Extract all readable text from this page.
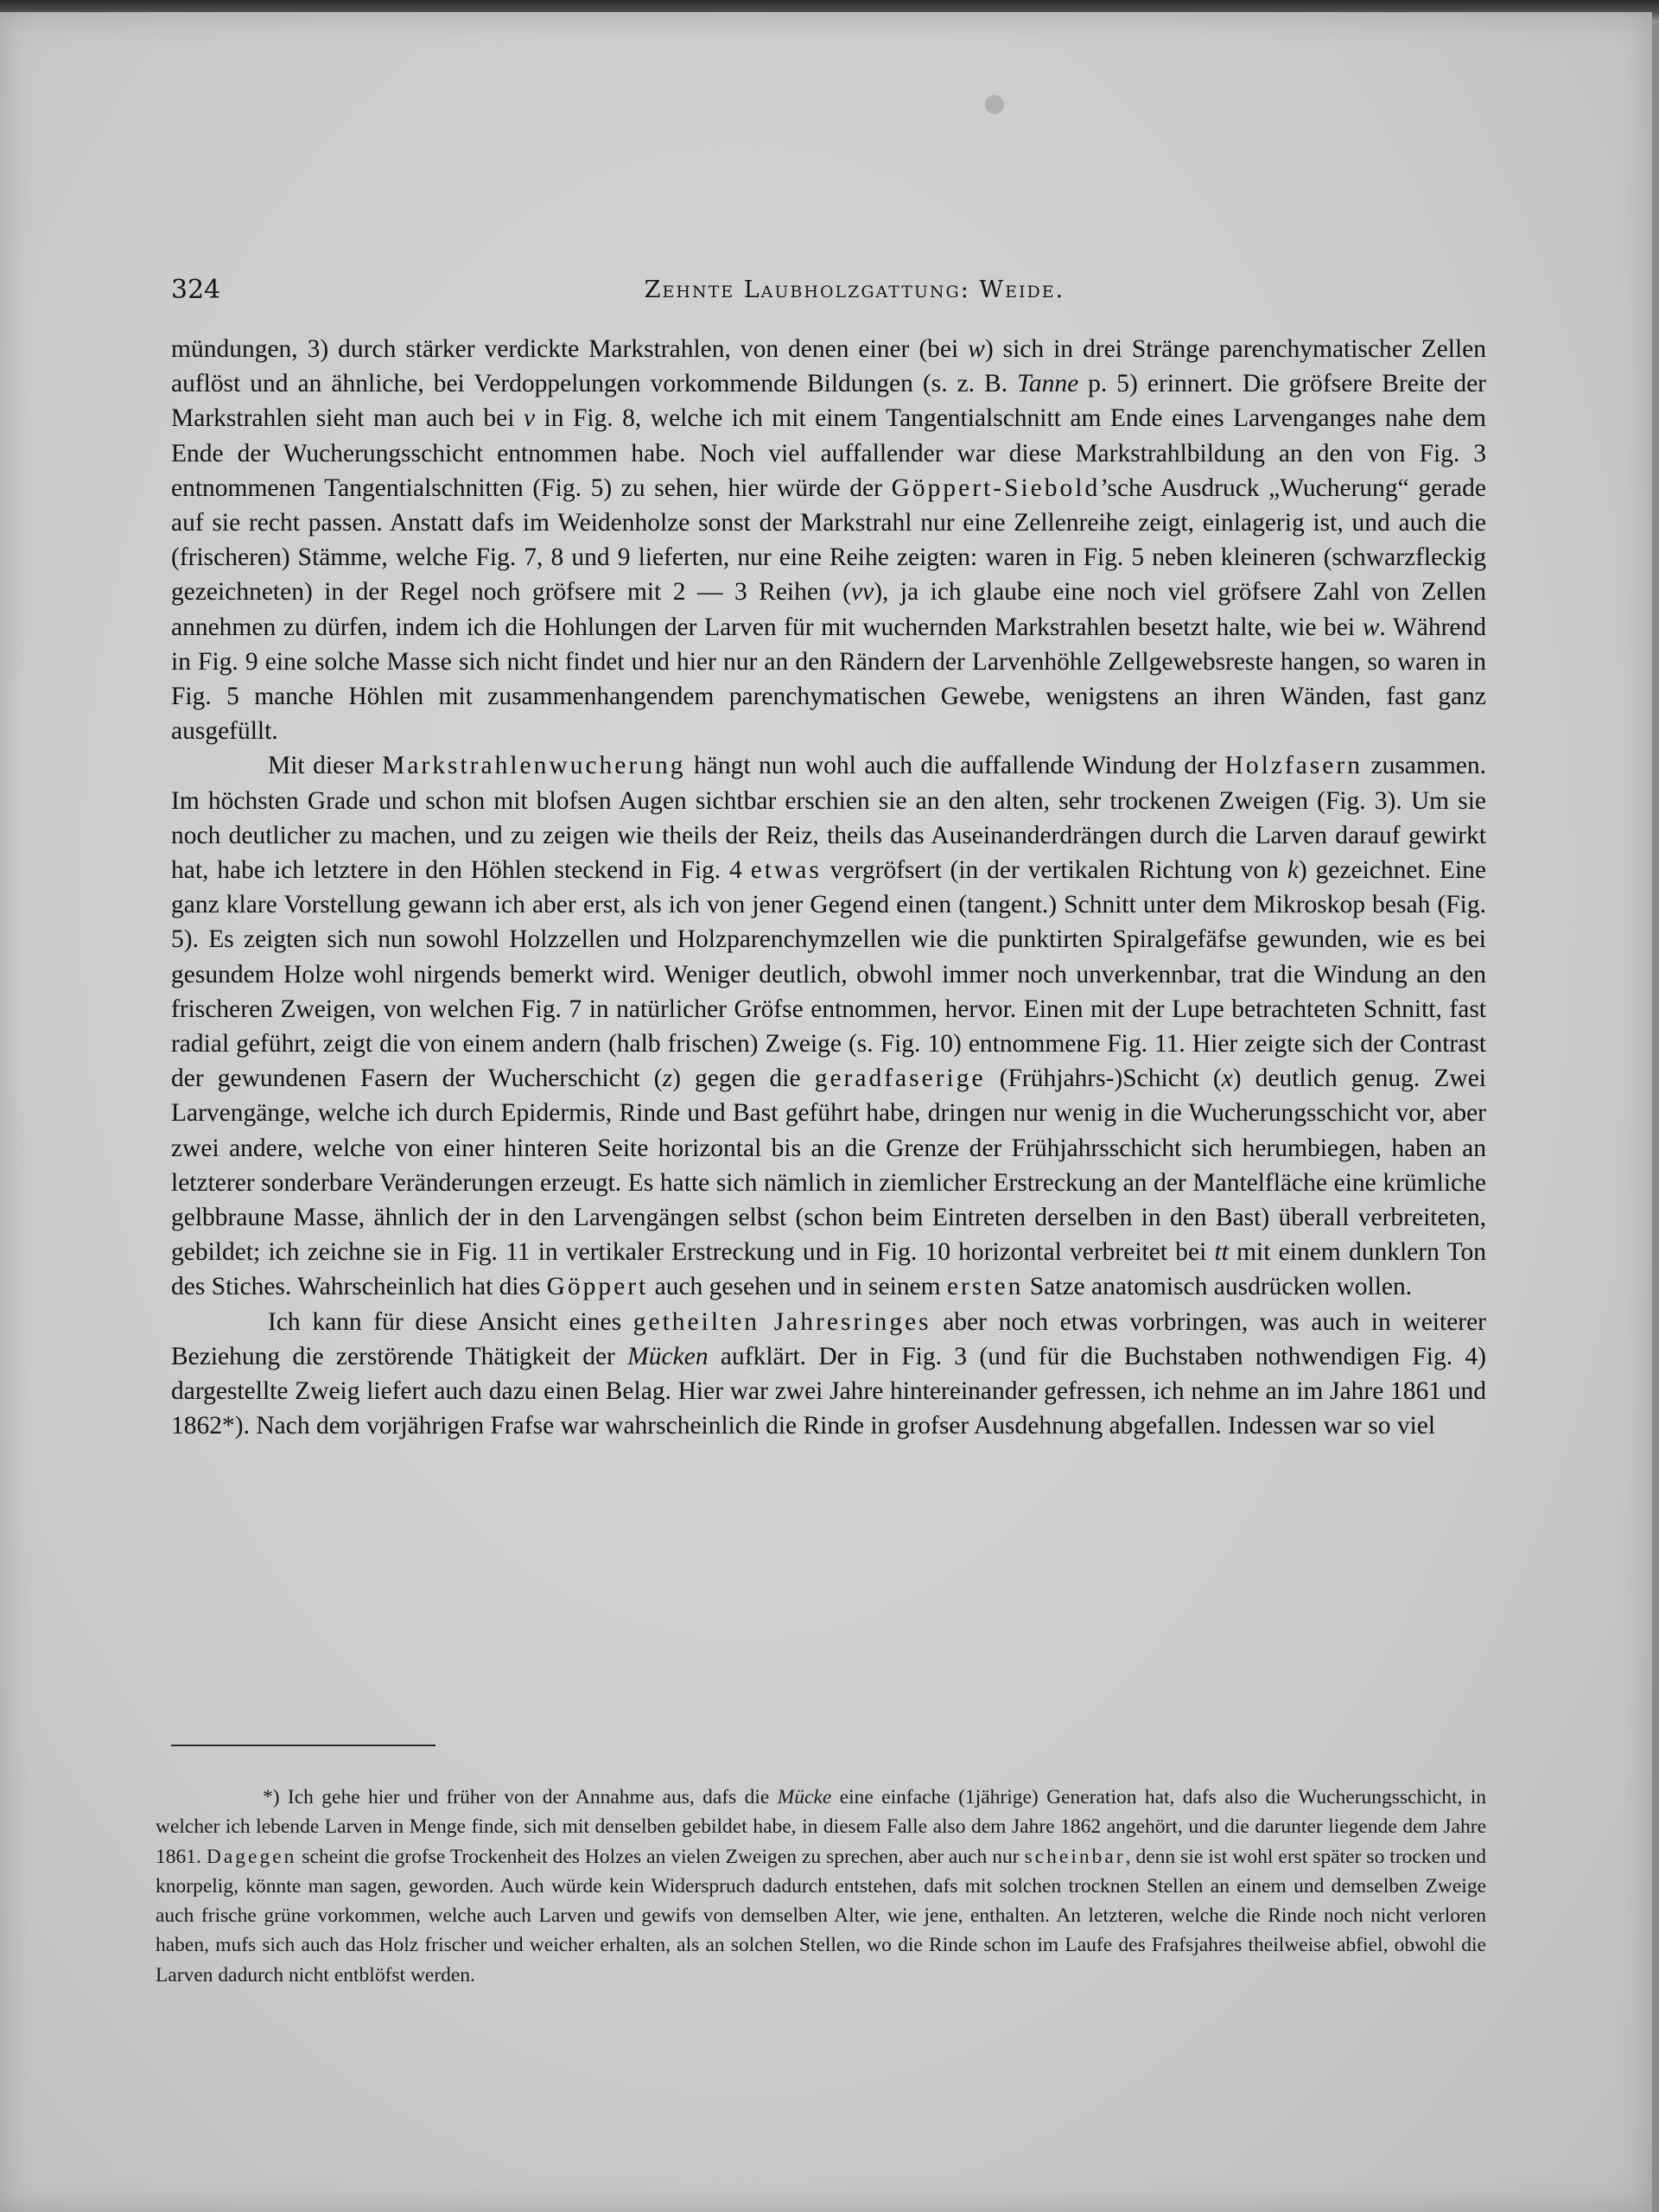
324	Zehnte Laubholzgattung: Weide.

mündungen, 3) durch stärker verdickte Markstrahlen, von denen einer (bei w) sich in drei Stränge parenchymatischer Zellen auflöst und an ähnliche, bei Verdoppelungen vorkommende Bildungen (s. z. B. Tanne p. 5) erinnert. Die gröfsere Breite der Markstrahlen sieht man auch bei v in Fig. 8, welche ich mit einem Tangentialschnitt am Ende eines Larvenganges nahe dem Ende der Wucherungsschicht entnommen habe. Noch viel auffallender war diese Markstrahlbildung an den von Fig. 3 entnommenen Tangentialschnitten (Fig. 5) zu sehen, hier würde der Göppert-Siebold’sche Ausdruck „Wucherung“ gerade auf sie recht passen. Anstatt dafs im Weidenholze sonst der Markstrahl nur eine Zellenreihe zeigt, einlagerig ist, und auch die (frischeren) Stämme, welche Fig. 7, 8 und 9 lieferten, nur eine Reihe zeigten: waren in Fig. 5 neben kleineren (schwarzfleckig gezeichneten) in der Regel noch gröfsere mit 2 — 3 Reihen (vv), ja ich glaube eine noch viel gröfsere Zahl von Zellen annehmen zu dürfen, indem ich die Hohlungen der Larven für mit wuchernden Markstrahlen besetzt halte, wie bei w. Während in Fig. 9 eine solche Masse sich nicht findet und hier nur an den Rändern der Larvenhöhle Zellgewebsreste hangen, so waren in Fig. 5 manche Höhlen mit zusammenhangendem parenchymatischen Gewebe, wenigstens an ihren Wänden, fast ganz ausgefüllt.

Mit dieser Markstrahlenwucherung hängt nun wohl auch die auffallende Windung der Holzfasern zusammen. Im höchsten Grade und schon mit blofsen Augen sichtbar erschien sie an den alten, sehr trockenen Zweigen (Fig. 3). Um sie noch deutlicher zu machen, und zu zeigen wie theils der Reiz, theils das Auseinanderdrängen durch die Larven darauf gewirkt hat, habe ich letztere in den Höhlen steckend in Fig. 4 etwas vergröfsert (in der vertikalen Richtung von k) gezeichnet. Eine ganz klare Vorstellung gewann ich aber erst, als ich von jener Gegend einen (tangent.) Schnitt unter dem Mikroskop besah (Fig. 5). Es zeigten sich nun sowohl Holzzellen und Holzparenchymzellen wie die punktirten Spiralgefäfse gewunden, wie es bei gesundem Holze wohl nirgends bemerkt wird. Weniger deutlich, obwohl immer noch unverkennbar, trat die Windung an den frischeren Zweigen, von welchen Fig. 7 in natürlicher Gröfse entnommen, hervor. Einen mit der Lupe betrachteten Schnitt, fast radial geführt, zeigt die von einem andern (halb frischen) Zweige (s. Fig. 10) entnommene Fig. 11. Hier zeigte sich der Contrast der gewundenen Fasern der Wucherschicht (z) gegen die geradfaserige (Frühjahrs-)Schicht (x) deutlich genug. Zwei Larvengänge, welche ich durch Epidermis, Rinde und Bast geführt habe, dringen nur wenig in die Wucherungsschicht vor, aber zwei andere, welche von einer hinteren Seite horizontal bis an die Grenze der Frühjahrsschicht sich herumbiegen, haben an letzterer sonderbare Veränderungen erzeugt. Es hatte sich nämlich in ziemlicher Erstreckung an der Mantelfläche eine krümliche gelbbraune Masse, ähnlich der in den Larvengängen selbst (schon beim Eintreten derselben in den Bast) überall verbreiteten, gebildet; ich zeichne sie in Fig. 11 in vertikaler Erstreckung und in Fig. 10 horizontal verbreitet bei tt mit einem dunklern Ton des Stiches. Wahrscheinlich hat dies Göppert auch gesehen und in seinem ersten Satze anatomisch ausdrücken wollen.

Ich kann für diese Ansicht eines getheilten Jahresringes aber noch etwas vorbringen, was auch in weiterer Beziehung die zerstörende Thätigkeit der Mücken aufklärt. Der in Fig. 3 (und für die Buchstaben nothwendigen Fig. 4) dargestellte Zweig liefert auch dazu einen Belag. Hier war zwei Jahre hintereinander gefressen, ich nehme an im Jahre 1861 und 1862*). Nach dem vorjährigen Frafse war wahrscheinlich die Rinde in grofser Ausdehnung abgefallen. Indessen war so viel

*) Ich gehe hier und früher von der Annahme aus, dafs die Mücke eine einfache (1jährige) Generation hat, dafs also die Wucherungsschicht, in welcher ich lebende Larven in Menge finde, sich mit denselben gebildet habe, in diesem Falle also dem Jahre 1862 angehört, und die darunter liegende dem Jahre 1861. Dagegen scheint die grofse Trockenheit des Holzes an vielen Zweigen zu sprechen, aber auch nur scheinbar, denn sie ist wohl erst später so trocken und knorpelig, könnte man sagen, geworden. Auch würde kein Widerspruch dadurch entstehen, dafs mit solchen trocknen Stellen an einem und demselben Zweige auch frische grüne vorkommen, welche auch Larven und gewifs von demselben Alter, wie jene, enthalten. An letzteren, welche die Rinde noch nicht verloren haben, mufs sich auch das Holz frischer und weicher erhalten, als an solchen Stellen, wo die Rinde schon im Laufe des Frafsjahres theilweise abfiel, obwohl die Larven dadurch nicht entblöfst werden.
